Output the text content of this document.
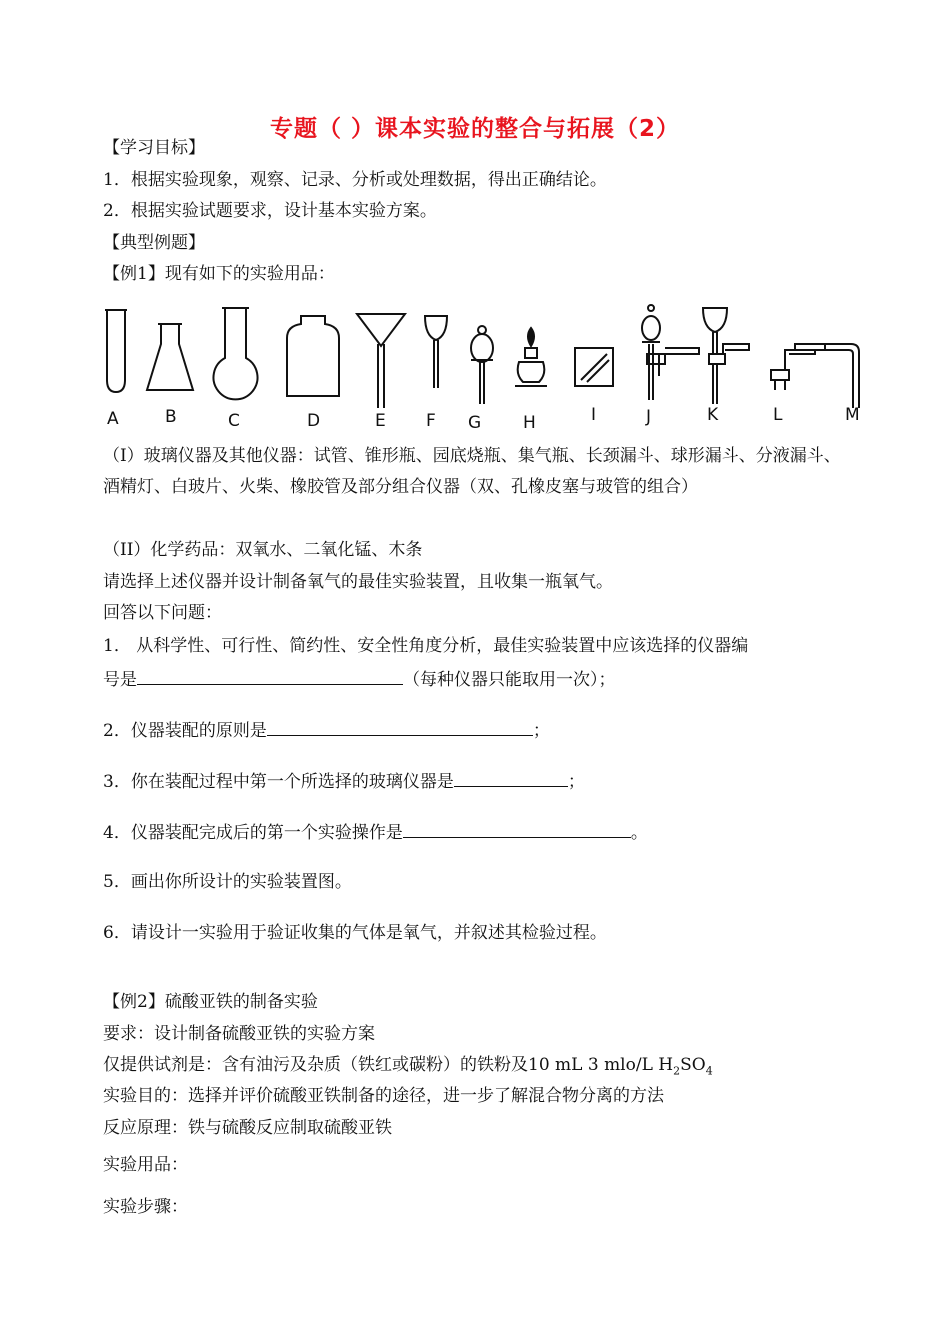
专题（ ）课本实验的整合与拓展（2）
【学习目标】
1．根据实验现象，观察、记录、分析或处理数据，得出正确结论。
2．根据实验试题要求，设计基本实验方案。
【典型例题】
【例1】现有如下的实验用品：
A	B	C	D	E F G H	I	J	K	L	M
（I）玻璃仪器及其他仪器：试管、锥形瓶、园底烧瓶、集气瓶、长颈漏斗、球形漏斗、分液漏斗、酒精灯、白玻片、火柴、橡胶管及部分组合仪器（双、孔橡皮塞与玻管的组合）
（II）化学药品：双氧水、二氧化锰、木条
请选择上述仪器并设计制备氧气的最佳实验装置，且收集一瓶氧气。
回答以下问题：
1． 从科学性、可行性、简约性、安全性角度分析，最佳实验装置中应该选择的仪器编
号是	（每种仪器只能取用一次）；
2．仪器装配的原则是	；
3．你在装配过程中第一个所选择的玻璃仪器是	；
4．仪器装配完成后的第一个实验操作是	。
5．画出你所设计的实验装置图。
6．请设计一实验用于验证收集的气体是氧气，并叙述其检验过程。
【例2】硫酸亚铁的制备实验
要求：设计制备硫酸亚铁的实验方案
仅提供试剂是：含有油污及杂质（铁红或碳粉）的铁粉及10 mL 3 mlo/L $H_2SO_4$
实验目的：选择并评价硫酸亚铁制备的途径，进一步了解混合物分离的方法
反应原理：铁与硫酸反应制取硫酸亚铁
实验用品：
实验步骤：
